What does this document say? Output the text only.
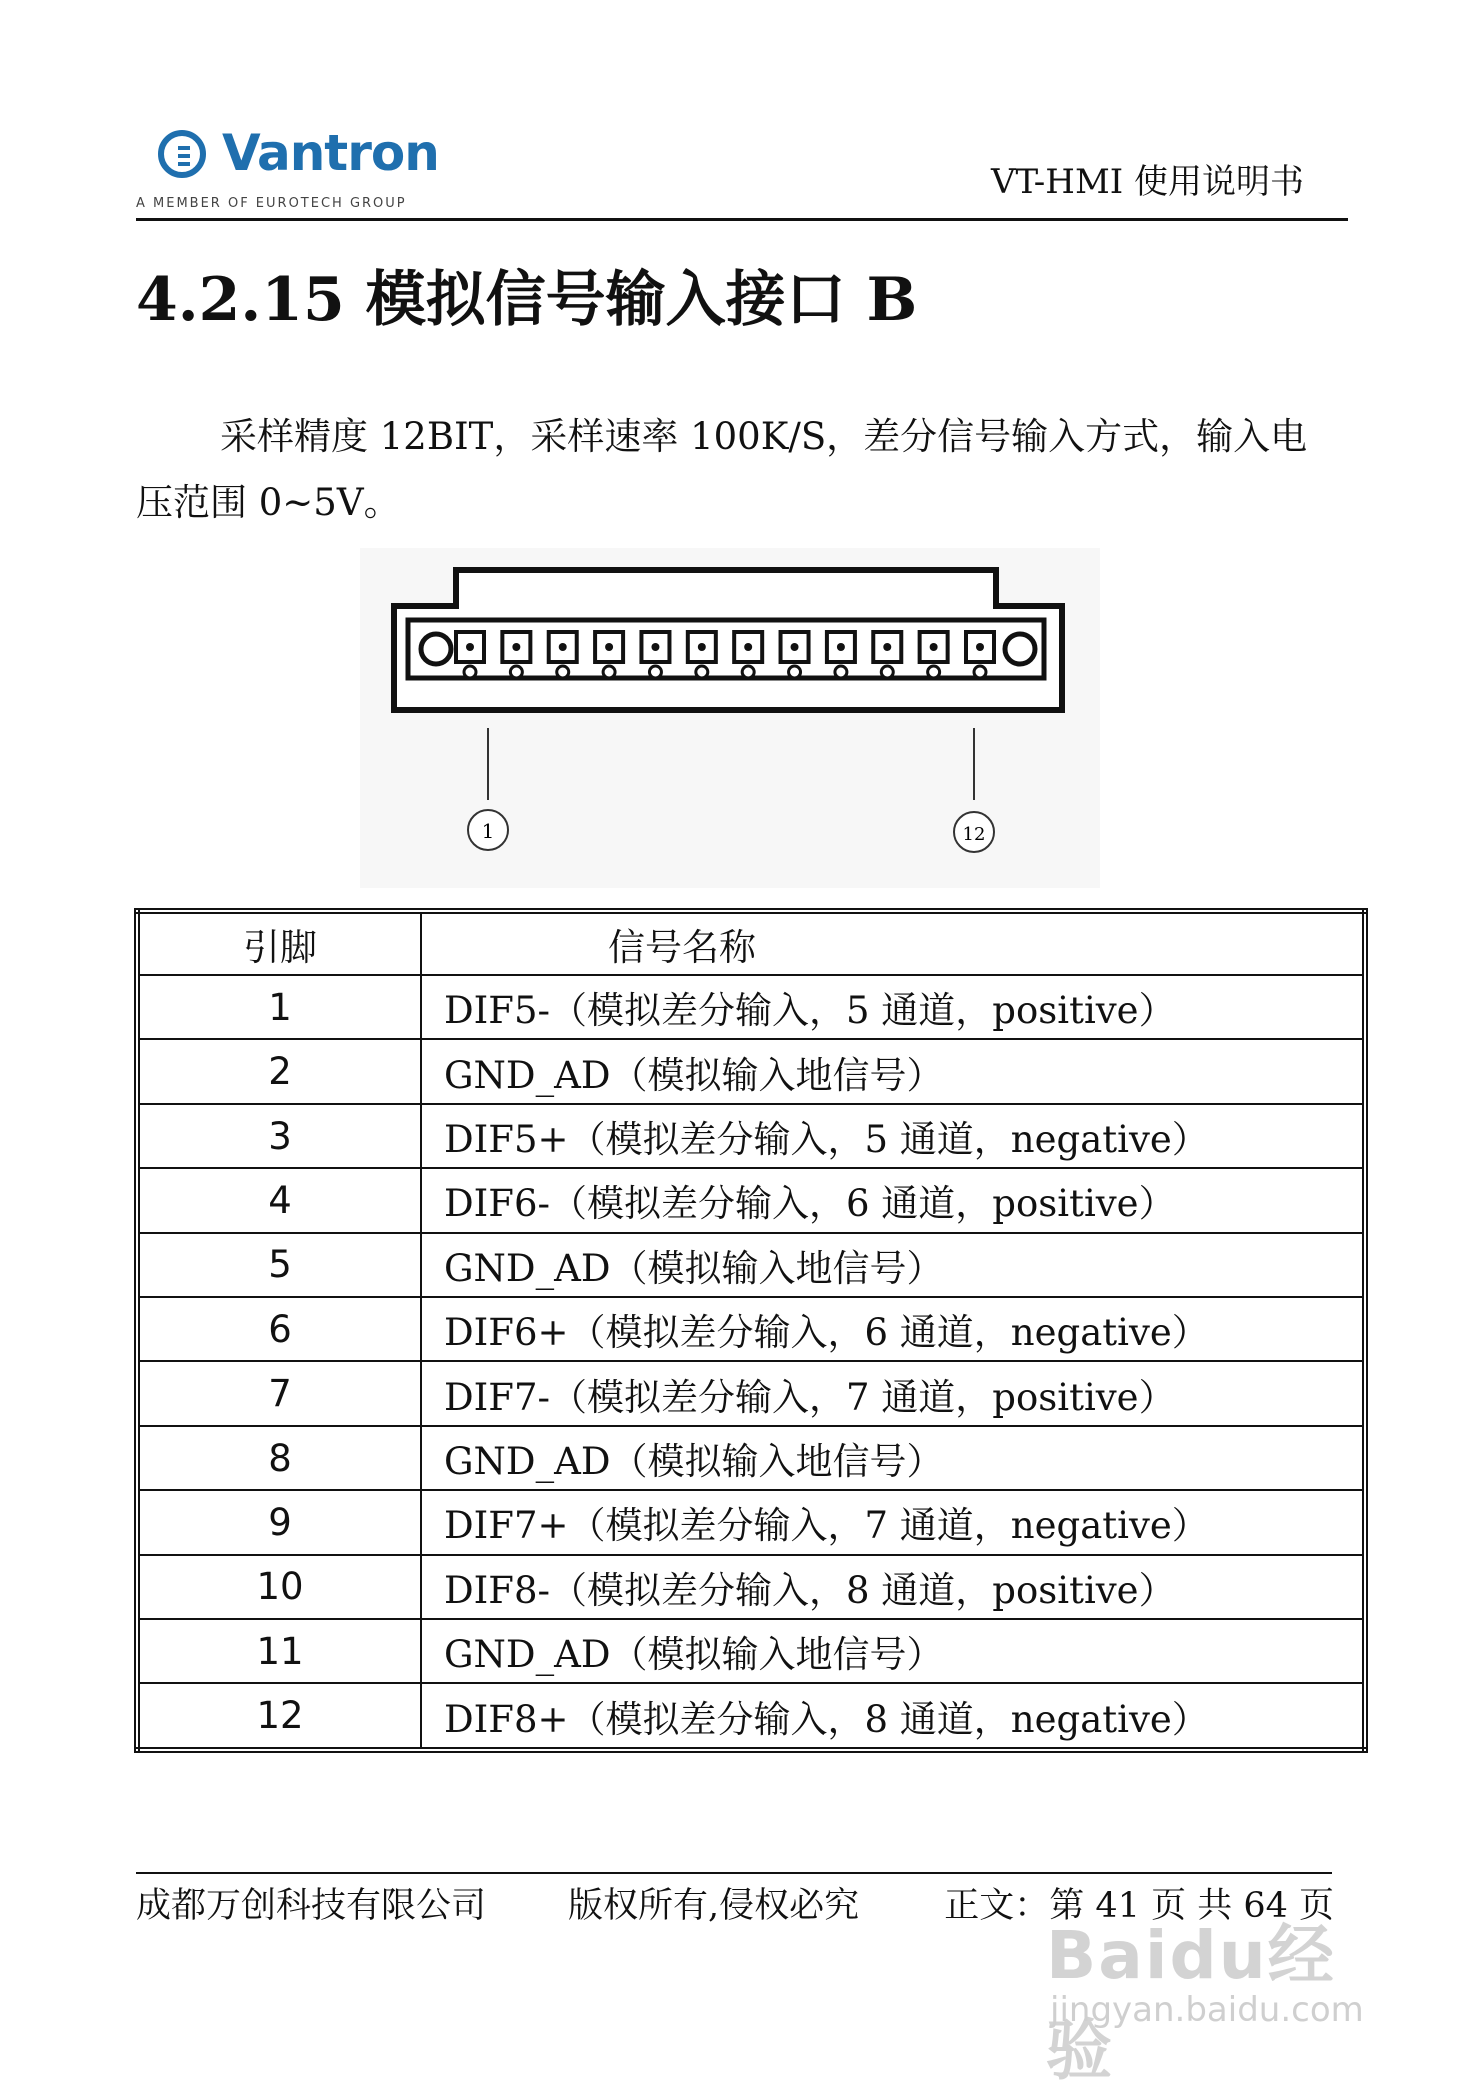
Vantron
A MEMBER OF EUROTECH GROUP
VT-HMI 使用说明书
4.2.15 模拟信号输入接口 B

采样精度 12BIT，采样速率 100K/S，差分信号输入方式，输入电压范围 0~5V。

1	12
引脚	信号名称
1	DIF5-（模拟差分输入，5 通道，positive）
2	GND_AD（模拟输入地信号）
3	DIF5+（模拟差分输入，5 通道，negative）
4	DIF6-（模拟差分输入，6 通道，positive）
5	GND_AD（模拟输入地信号）
6	DIF6+（模拟差分输入，6 通道，negative）
7	DIF7-（模拟差分输入，7 通道，positive）
8	GND_AD（模拟输入地信号）
9	DIF7+（模拟差分输入，7 通道，negative）
10	DIF8-（模拟差分输入，8 通道，positive）
11	GND_AD（模拟输入地信号）
12	DIF8+（模拟差分输入，8 通道，negative）
成都万创科技有限公司 版权所有,侵权必究 正文：第 41 页 共 64 页
Baidu经验
jingyan.baidu.com
